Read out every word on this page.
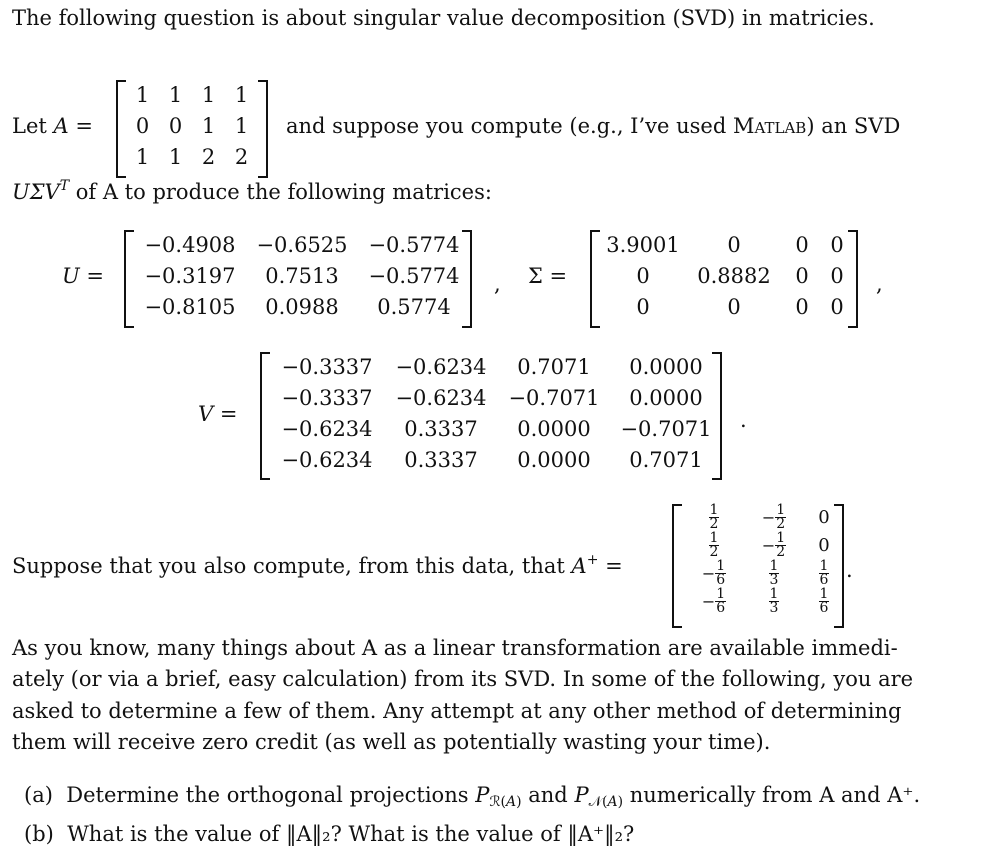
The following question is about singular value decomposition (SVD) in matricies.
Let A =
1 1 1 1
0 0 1 1
1 1 2 2
and suppose you compute (e.g., I’ve used Matlab) an SVD
$U\Sigma V^T$ of A to produce the following matrices:
U =
−0.4908 −0.6525 −0.5774
−0.3197	0.7513	−0.5774
−0.8105	0.0988	0.5774
, Σ =
3.9001	0	0	0
0	0.8882	0	0
0	0	0	0
,
V =
−0.3337	−0.6234	0.7071	0.0000
−0.3337	−0.6234	−0.7071	0.0000
−0.6234	0.3337	0.0000	−0.7071
−0.6234	0.3337	0.0000	0.7071
.
Suppose that you also compute, from this data, that A+ =
$\frac{1}{2}$	− $\frac{1}{2}$	0
$\frac{1}{2}$	− $\frac{1}{2}$	0
− $\frac{1}{6}$	$\frac{1}{3}$	$\frac{1}{6}$
− $\frac{1}{6}$	$\frac{1}{3}$	$\frac{1}{6}$
.
As you know, many things about A as a linear transformation are available immedi-
ately (or via a brief, easy calculation) from its SVD. In some of the following, you are
asked to determine a few of them. Any attempt at any other method of determining
them will receive zero credit (as well as potentially wasting your time).
(a) Determine the orthogonal projections $P_{ℛ(A)}$ and $P_{𝒩(A)}$ numerically from A and A⁺.
(b) What is the value of ‖A‖₂? What is the value of ‖A⁺‖₂?
